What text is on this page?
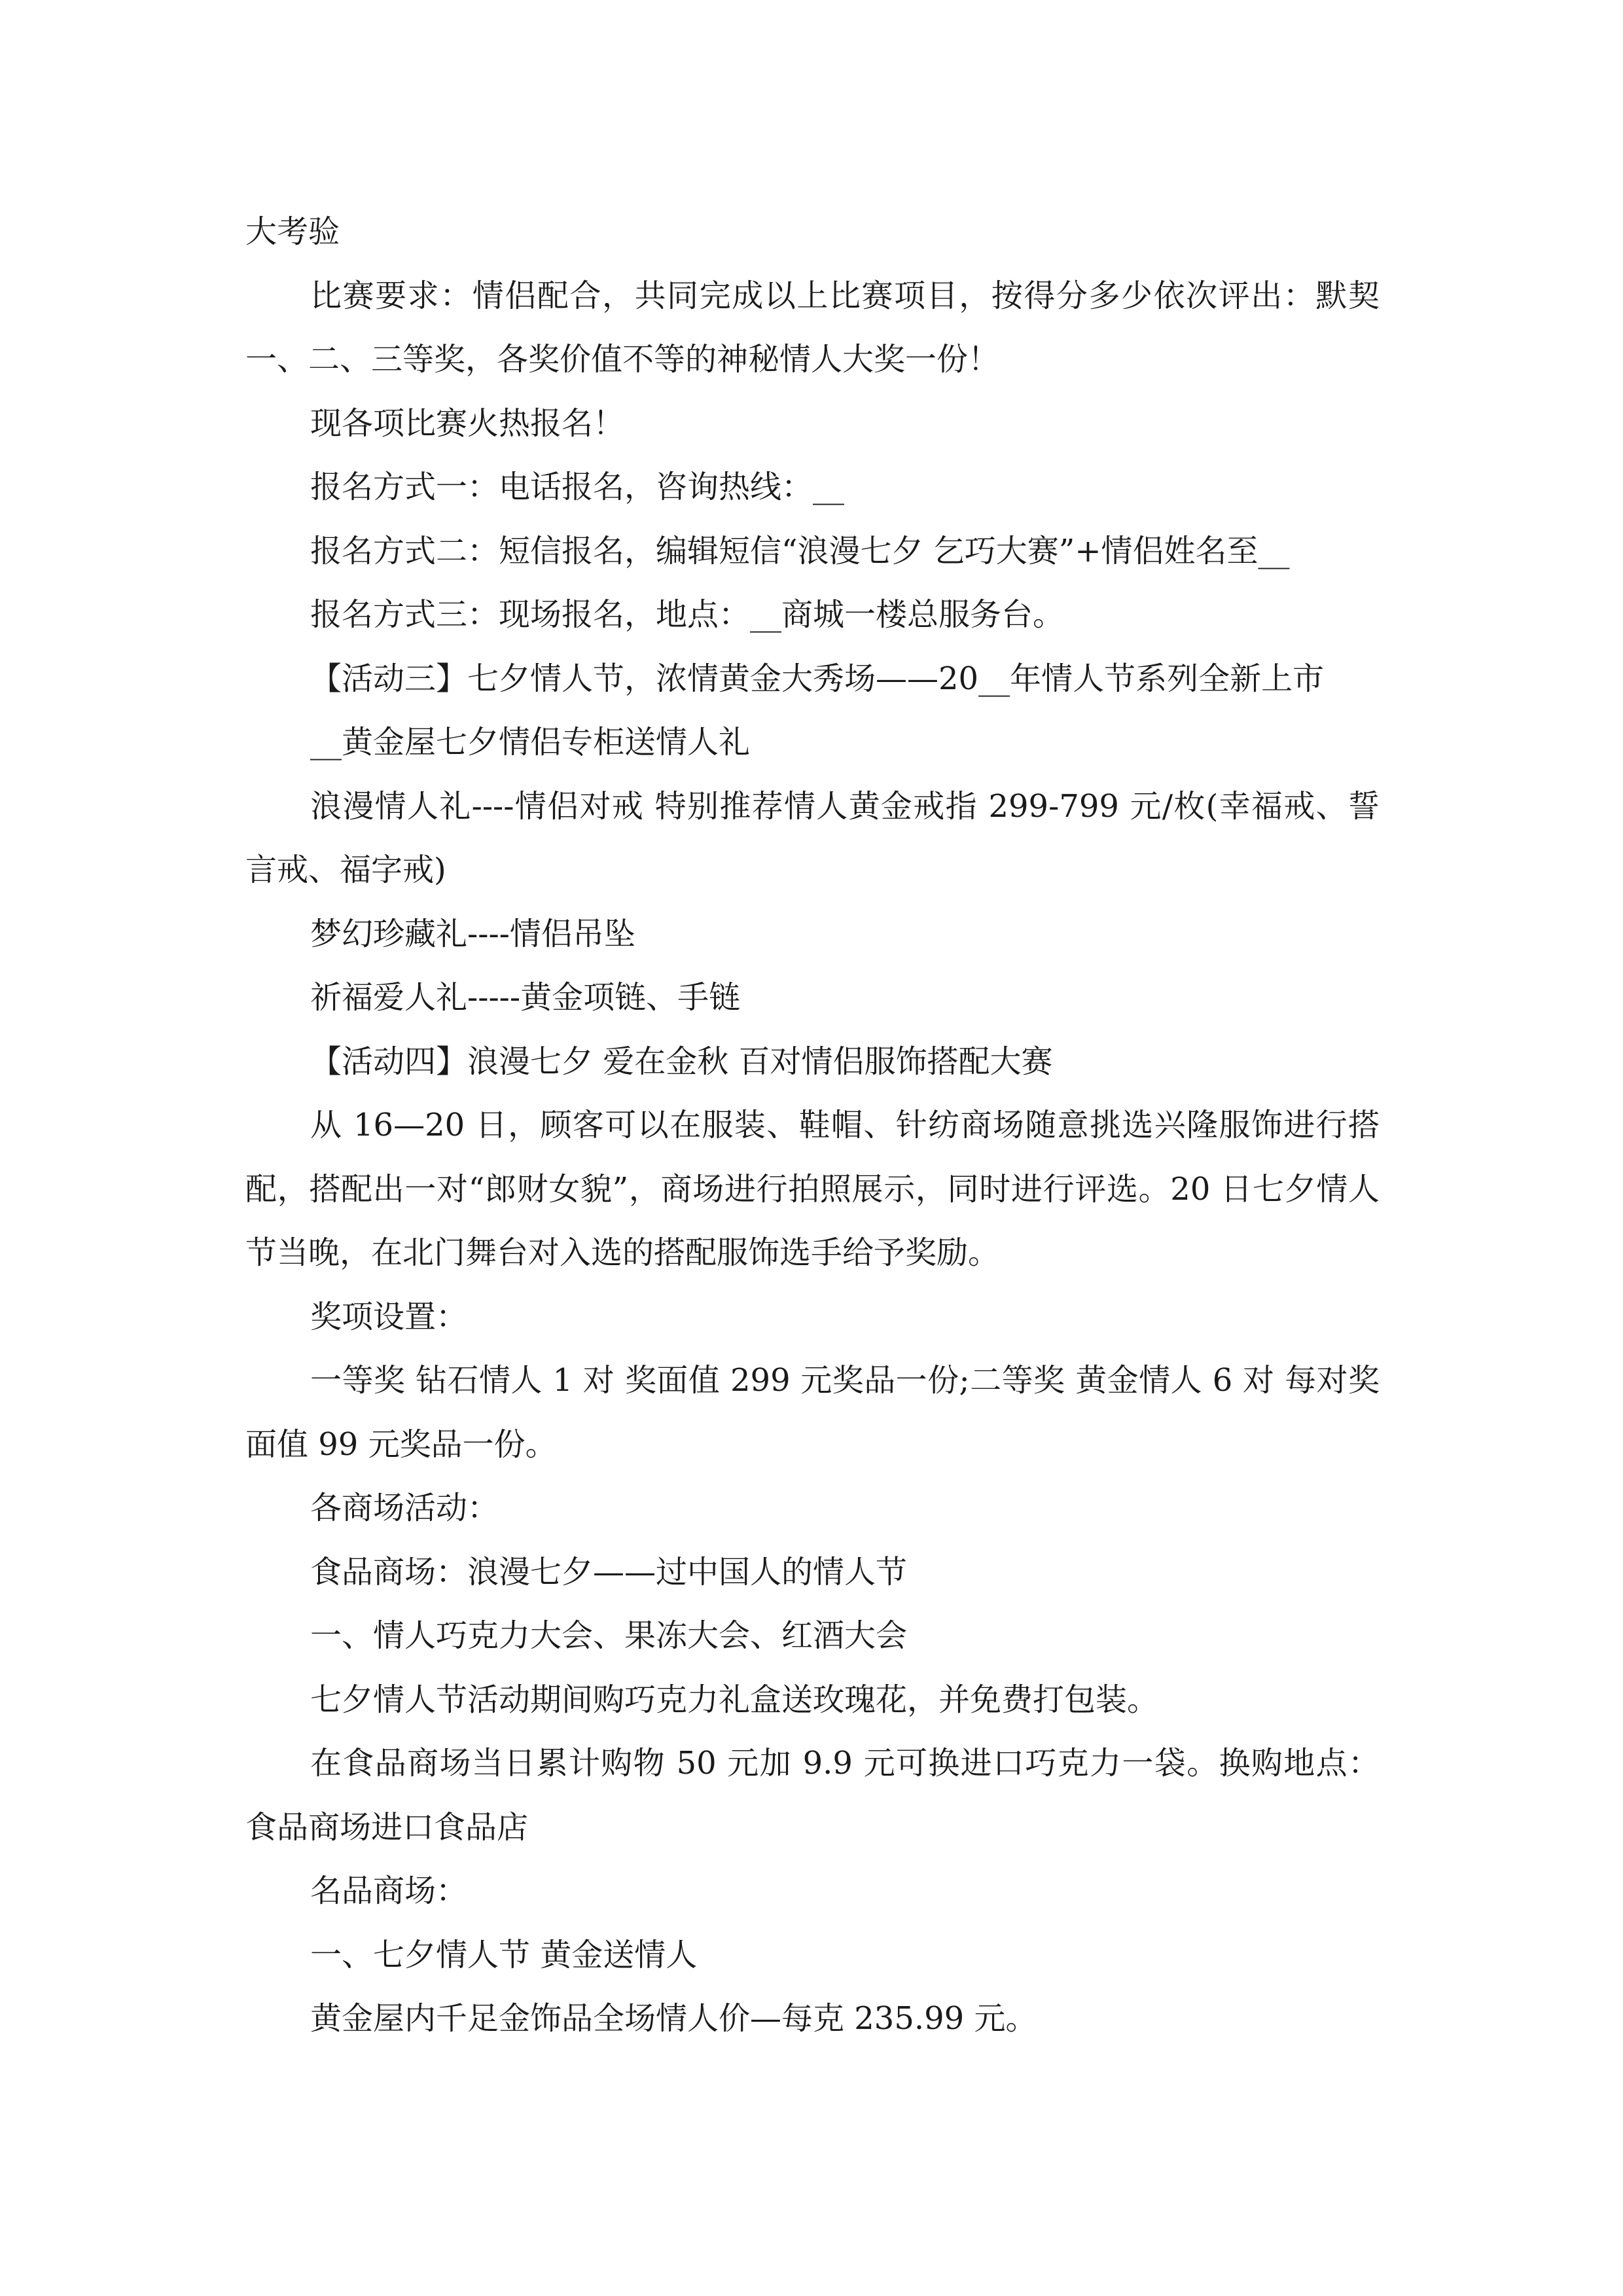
大考验

比赛要求：情侣配合，共同完成以上比赛项目，按得分多少依次评出：默契一、二、三等奖，各奖价值不等的神秘情人大奖一份！

现各项比赛火热报名！

报名方式一：电话报名，咨询热线：__

报名方式二：短信报名，编辑短信“浪漫七夕 乞巧大赛”+情侣姓名至__

报名方式三：现场报名，地点：__商城一楼总服务台。

【活动三】七夕情人节，浓情黄金大秀场——20__年情人节系列全新上市

__黄金屋七夕情侣专柜送情人礼

浪漫情人礼----情侣对戒 特别推荐情人黄金戒指 299-799 元/枚(幸福戒、誓言戒、福字戒)

梦幻珍藏礼----情侣吊坠

祈福爱人礼-----黄金项链、手链

【活动四】浪漫七夕 爱在金秋 百对情侣服饰搭配大赛

从 16—20 日，顾客可以在服装、鞋帽、针纺商场随意挑选兴隆服饰进行搭配，搭配出一对“郎财女貌”，商场进行拍照展示，同时进行评选。20 日七夕情人节当晚，在北门舞台对入选的搭配服饰选手给予奖励。

奖项设置：

一等奖 钻石情人 1 对 奖面值 299 元奖品一份;二等奖 黄金情人 6 对 每对奖面值 99 元奖品一份。

各商场活动：

食品商场：浪漫七夕——过中国人的情人节

一、情人巧克力大会、果冻大会、红酒大会

七夕情人节活动期间购巧克力礼盒送玫瑰花，并免费打包装。

在食品商场当日累计购物 50 元加 9.9 元可换进口巧克力一袋。换购地点：食品商场进口食品店

名品商场：

一、七夕情人节 黄金送情人

黄金屋内千足金饰品全场情人价—每克 235.99 元。
